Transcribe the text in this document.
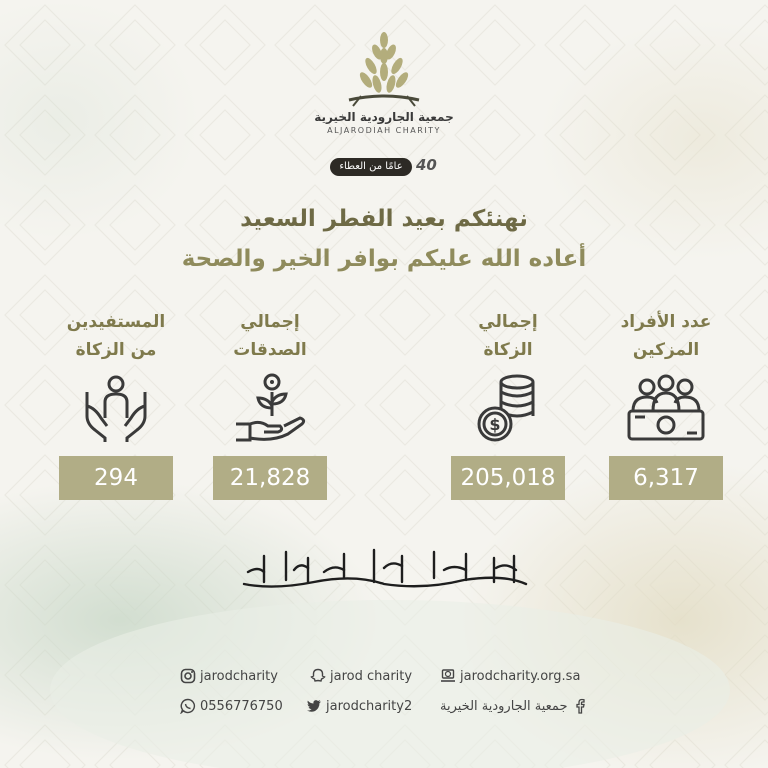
جمعية الجارودية الخيرية
ALJARODIAH CHARITY
عامًا من العطاء 40
نهنئكم بعيد الفطر السعيد
أعاده الله عليكم بوافر الخير والصحة
عدد الأفراد
المزكين
6,317
إجمالي
الزكاة
$
205,018
إجمالي
الصدقات
21,828
المستفيدين
من الزكاة
294
jarodcharity	jarod charity	jarodcharity.org.sa
0556776750	jarodcharity2 جمعية الجارودية الخيرية
